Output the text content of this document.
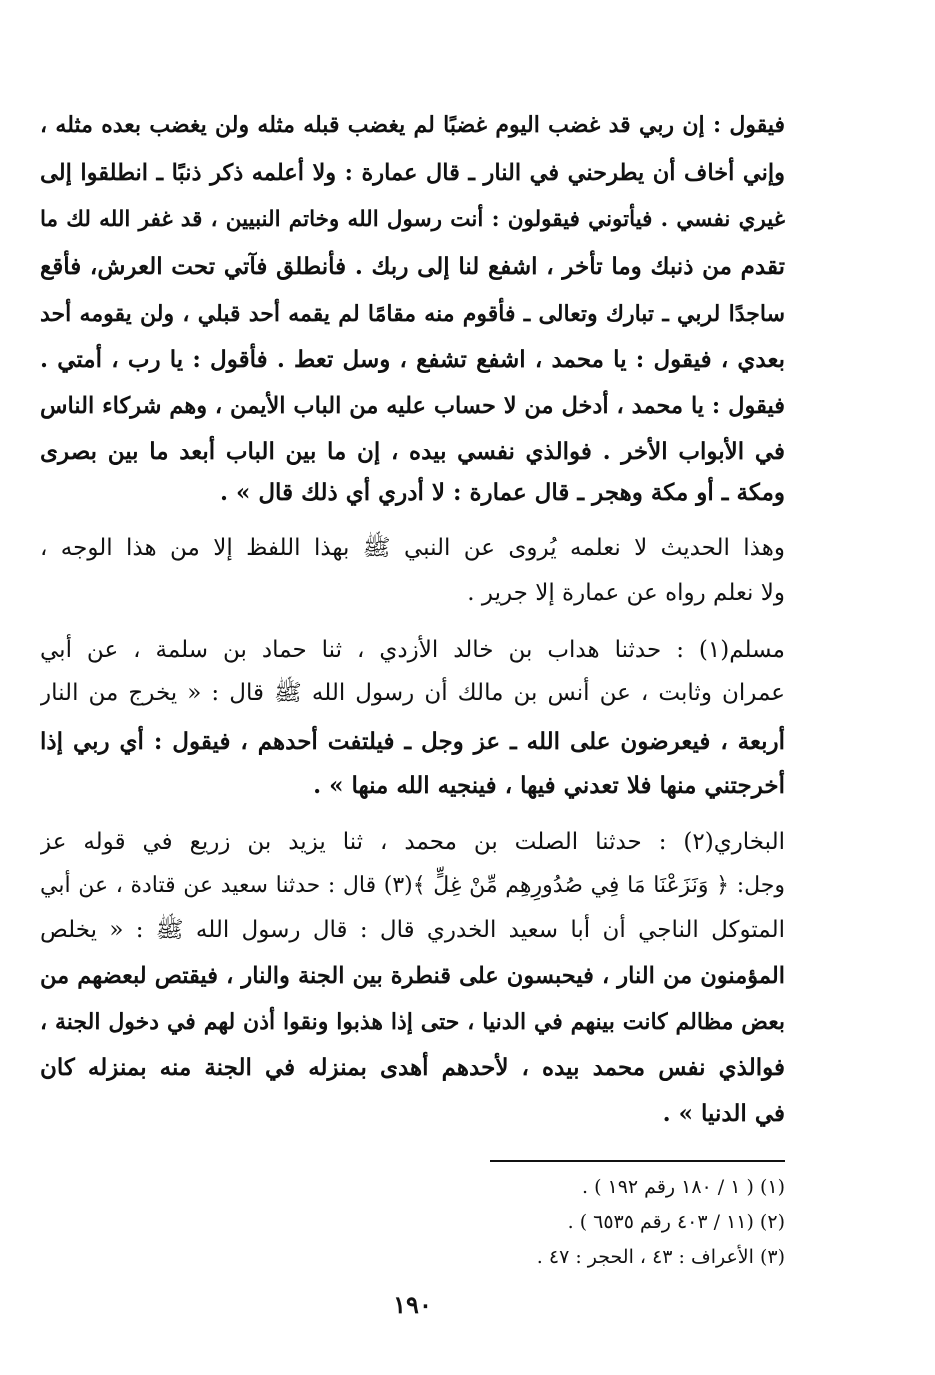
فيقول : إن ربي قد غضب اليوم غضبًا لم يغضب قبله مثله ولن يغضب بعده مثله ،
وإني أخاف أن يطرحني في النار ـ قال عمارة : ولا أعلمه ذكر ذنبًا ـ انطلقوا إلى
غيري نفسي . فيأتوني فيقولون : أنت رسول الله وخاتم النبيين ، قد غفر الله لك ما
تقدم من ذنبك وما تأخر ، اشفع لنا إلى ربك . فأنطلق فآتي تحت العرش، فأقع
ساجدًا لربي ـ تبارك وتعالى ـ فأقوم منه مقامًا لم يقمه أحد قبلي ، ولن يقومه أحد
بعدي ، فيقول : يا محمد ، اشفع تشفع ، وسل تعط . فأقول : يا رب ، أمتي .
فيقول : يا محمد ، أدخل من لا حساب عليه من الباب الأيمن ، وهم شركاء الناس
في الأبواب الأخر . فوالذي نفسي بيده ، إن ما بين الباب أبعد ما بين بصرى
ومكة ـ أو مكة وهجر ـ قال عمارة : لا أدري أي ذلك قال » .
وهذا الحديث لا نعلمه يُروى عن النبي ﷺ بهذا اللفظ إلا من هذا الوجه ،
ولا نعلم رواه عن عمارة إلا جرير .
مسلم(١) : حدثنا هداب بن خالد الأزدي ، ثنا حماد بن سلمة ، عن أبي
عمران وثابت ، عن أنس بن مالك أن رسول الله ﷺ قال : « يخرج من النار
أربعة ، فيعرضون على الله ـ عز وجل ـ فيلتفت أحدهم ، فيقول : أي ربي إذا
أخرجتني منها فلا تعدني فيها ، فينجيه الله منها » .
البخاري(٢) : حدثنا الصلت بن محمد ، ثنا يزيد بن زريع في قوله عز
وجل: ﴿ وَنَزَعْنَا مَا فِي صُدُورِهِم مِّنْ غِلٍّ ﴾(٣) قال : حدثنا سعيد عن قتادة ، عن أبي
المتوكل الناجي أن أبا سعيد الخدري قال : قال رسول الله ﷺ : « يخلص
المؤمنون من النار ، فيحبسون على قنطرة بين الجنة والنار ، فيقتص لبعضهم من
بعض مظالم كانت بينهم في الدنيا ، حتى إذا هذبوا ونقوا أذن لهم في دخول الجنة ،
فوالذي نفس محمد بيده ، لأحدهم أهدى بمنزله في الجنة منه بمنزله كان
في الدنيا » .
(١) ( ١ / ١٨٠ رقم ١٩٢ ) .
(٢) (١١ / ٤٠٣ رقم ٦٥٣٥ ) .
(٣) الأعراف : ٤٣ ، الحجر : ٤٧ .
١٩٠
